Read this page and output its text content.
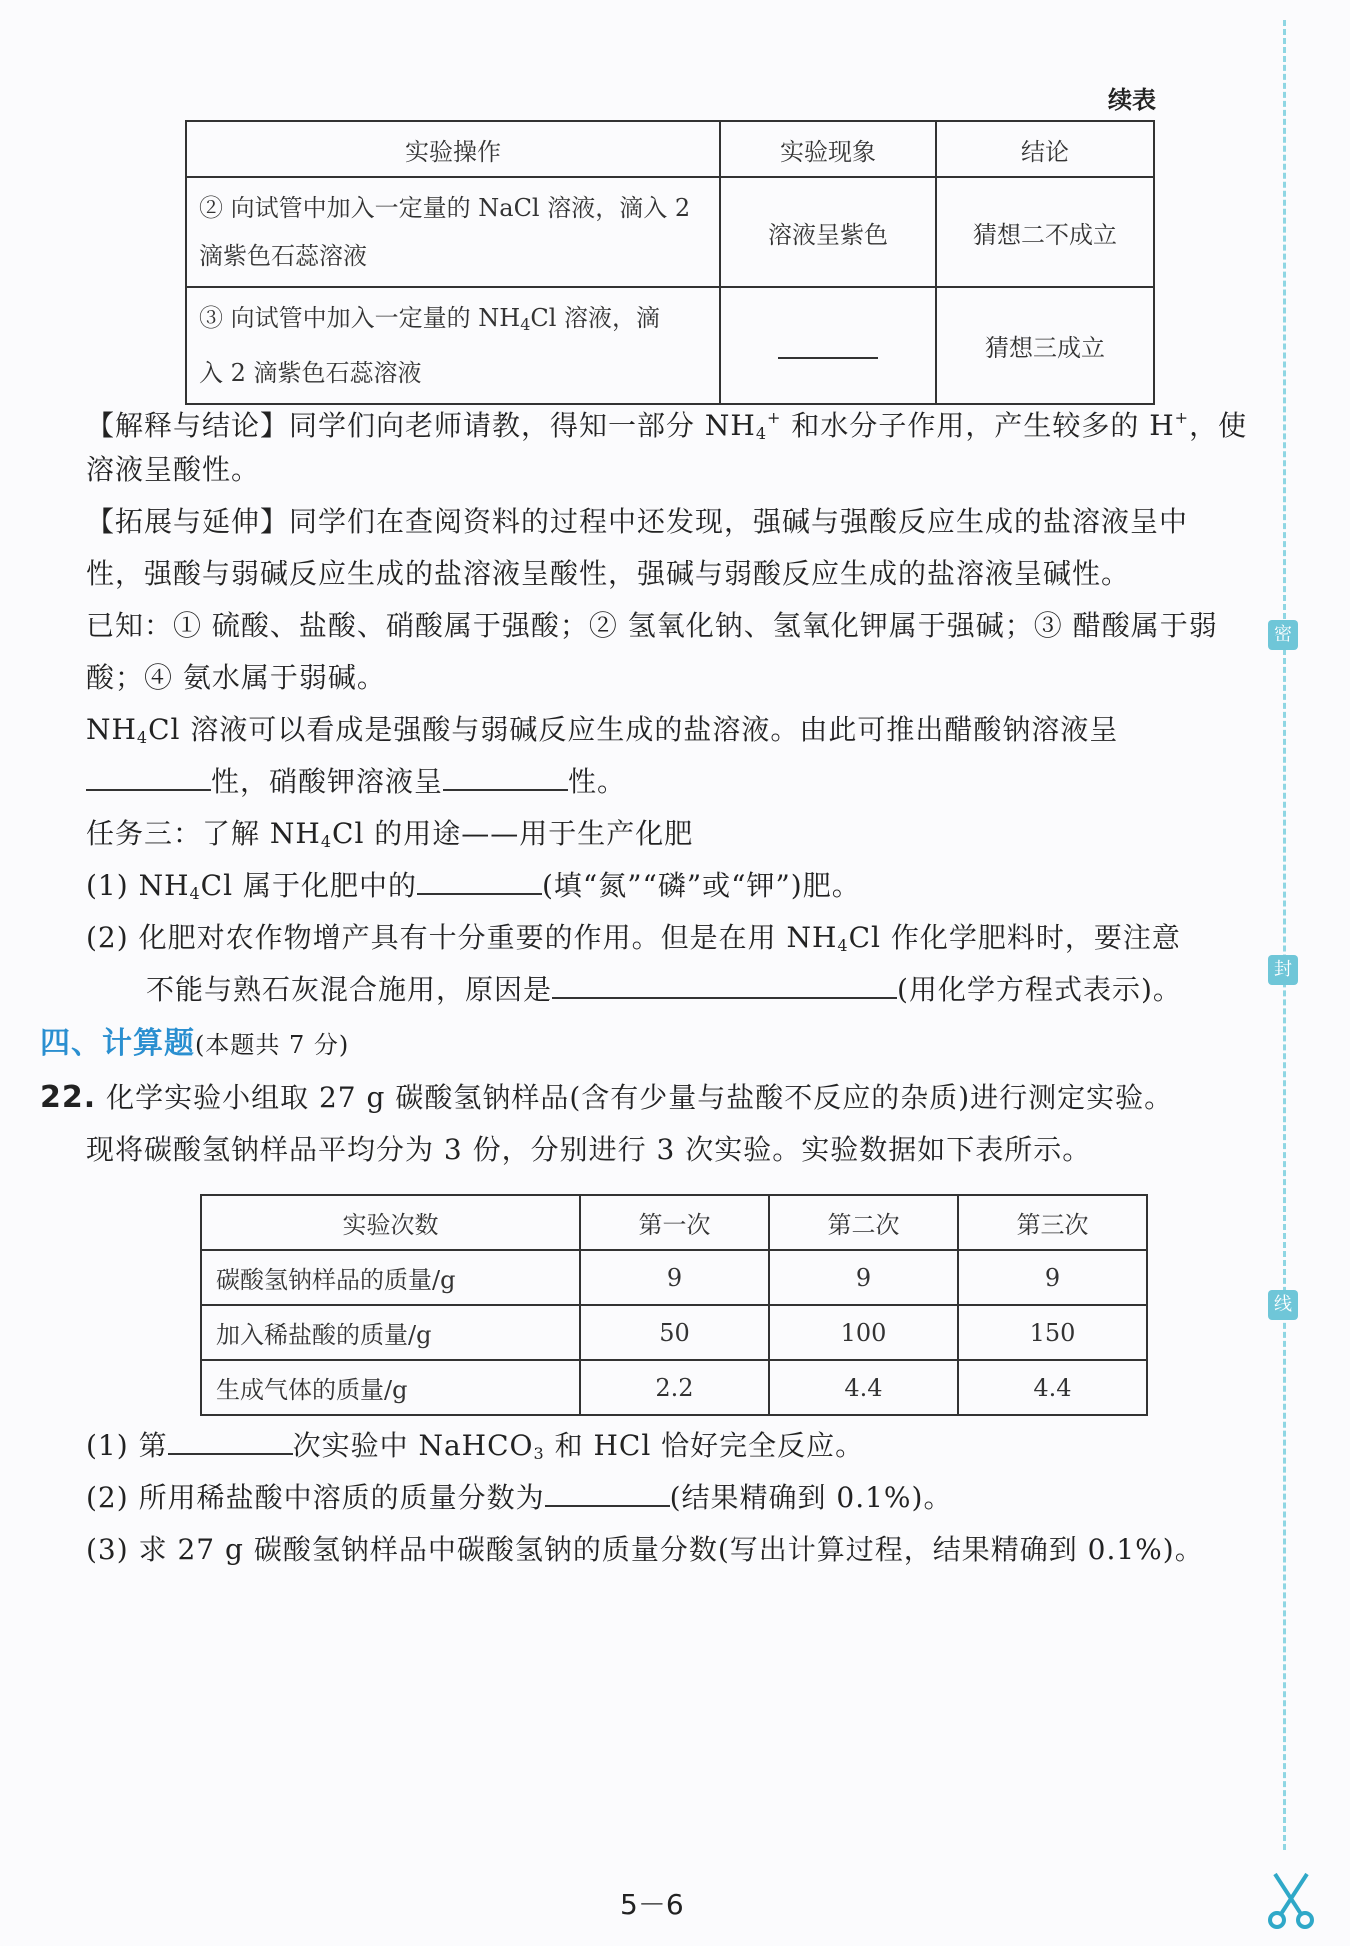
密
封
线
续表
实验操作	实验现象	结论

② 向试管中加入一定量的 NaCl 溶液，滴入 2
滴紫色石蕊溶液	溶液呈紫色	猜想二不成立

③ 向试管中加入一定量的 $NH_4Cl$ 溶液，滴
入 2 滴紫色石蕊溶液		猜想三成立
【解释与结论】同学们向老师请教，得知一部分 $NH_4^+$ 和水分子作用，产生较多的 H+，使
溶液呈酸性。
【拓展与延伸】同学们在查阅资料的过程中还发现，强碱与强酸反应生成的盐溶液呈中
性，强酸与弱碱反应生成的盐溶液呈酸性，强碱与弱酸反应生成的盐溶液呈碱性。
已知：① 硫酸、盐酸、硝酸属于强酸；② 氢氧化钠、氢氧化钾属于强碱；③ 醋酸属于弱
酸；④ 氨水属于弱碱。
$NH_4Cl$ 溶液可以看成是强酸与弱碱反应生成的盐溶液。由此可推出醋酸钠溶液呈
性，硝酸钾溶液呈	性。
任务三：了解 $NH_4Cl$ 的用途——用于生产化肥
(1) $NH_4Cl$ 属于化肥中的	(填“氮”“磷”或“钾”)肥。
(2) 化肥对农作物增产具有十分重要的作用。但是在用 $NH_4Cl$ 作化学肥料时，要注意
不能与熟石灰混合施用，原因是	(用化学方程式表示)。
四、计算题(本题共 7 分)
22. 化学实验小组取 27 g 碳酸氢钠样品(含有少量与盐酸不反应的杂质)进行测定实验。
现将碳酸氢钠样品平均分为 3 份，分别进行 3 次实验。实验数据如下表所示。
实验次数	第一次	第二次	第三次
碳酸氢钠样品的质量/g	9	9	9
加入稀盐酸的质量/g	50	100	150
生成气体的质量/g	2.2	4.4	4.4
(1) 第	次实验中 NaHCO$_3$ 和 HCl 恰好完全反应。
(2) 所用稀盐酸中溶质的质量分数为	(结果精确到 0.1%)。
(3) 求 27 g 碳酸氢钠样品中碳酸氢钠的质量分数(写出计算过程，结果精确到 0.1%)。
5－6
